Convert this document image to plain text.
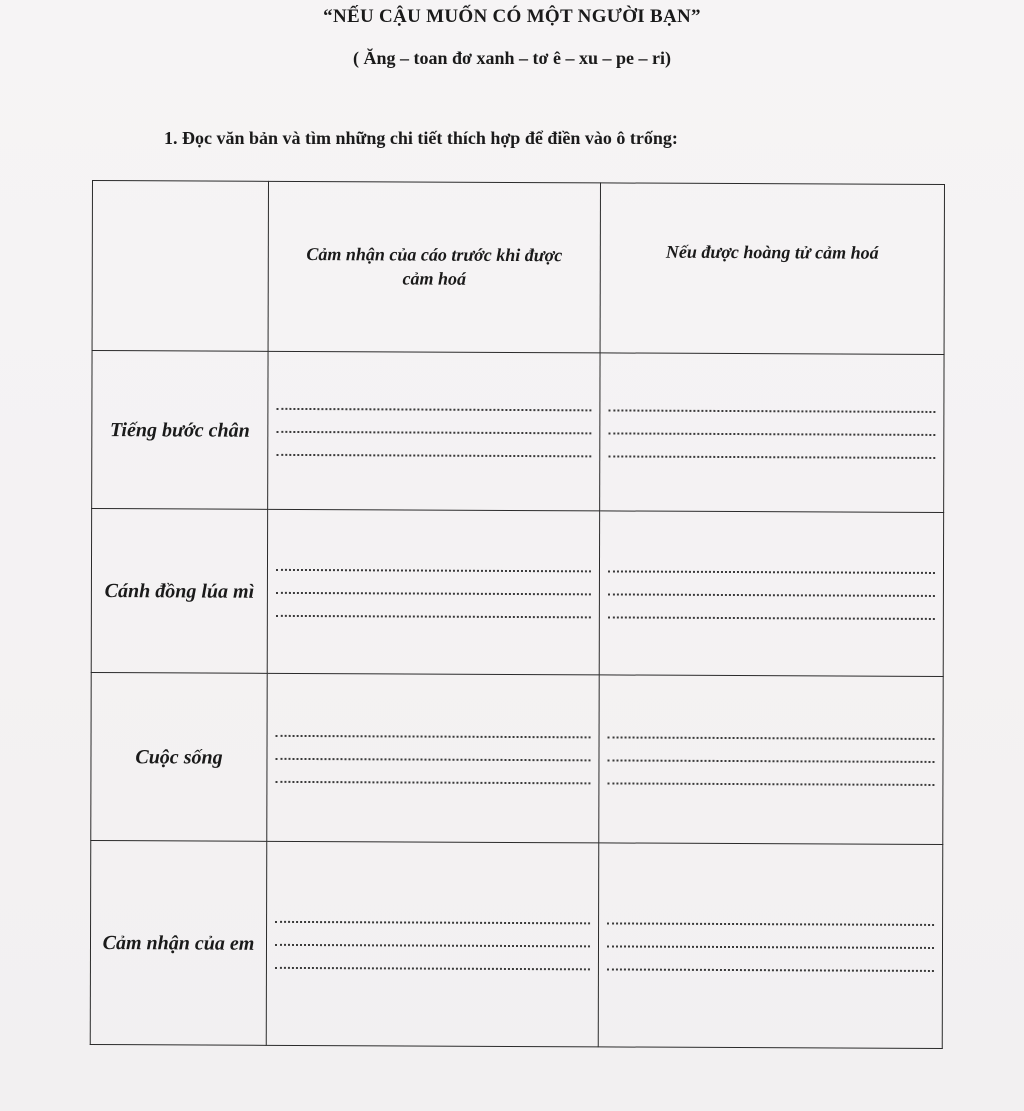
“NẾU CẬU MUỐN CÓ MỘT NGƯỜI BẠN”
( Ăng – toan đơ xanh – tơ ê – xu – pe – ri)
1. Đọc văn bản và tìm những chi tiết thích hợp để điền vào ô trống:
	Cảm nhận của cáo trước khi được cảm hoá	Nếu được hoàng tử cảm hoá
Tiếng bước chân	

Cánh đồng lúa mì	

Cuộc sống	

Cảm nhận của em	
